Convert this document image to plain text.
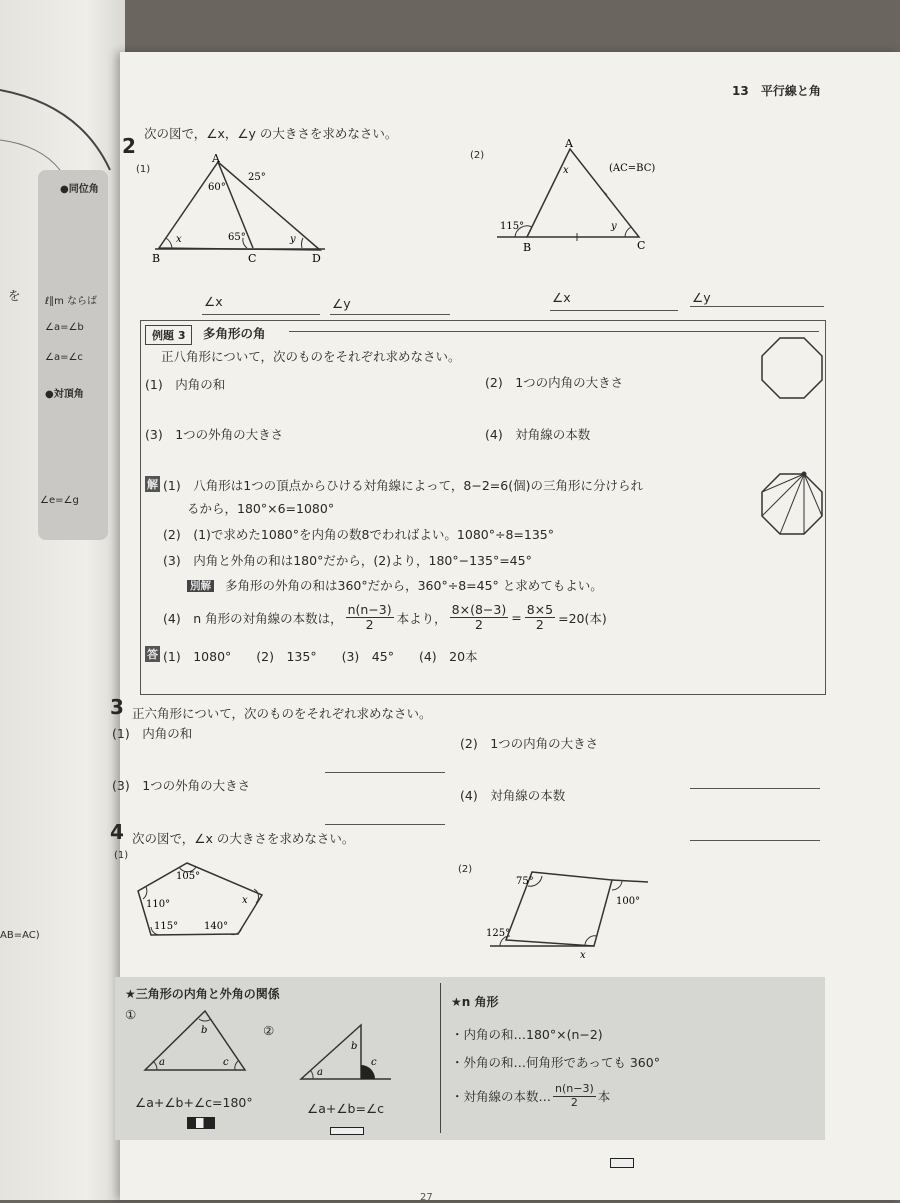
●同位角
を ℓ∥m ならば
∠a=∠b
∠a=∠c
●対頂角
∠e=∠g
AB=AC)
13 平行線と角
2
次の図で，∠x，∠y の大きさを求めなさい。
(1)
A
B	C	D
60°
25°
65°
x	y
(2)
A
B	C
(AC=BC)
115°
x
y
∠x	∠y	∠x	∠y
例題 3	多角形の角
正八角形について，次のものをそれぞれ求めなさい。
(1)　内角の和	(2)　1つの内角の大きさ
(3)　1つの外角の大きさ	(4)　対角線の本数
解 (1)　八角形は1つの頂点からひける対角線によって，8−2=6(個)の三角形に分けられ
るから，180°×6=1080°
(2)　(1)で求めた1080°を内角の数8でわればよい。1080°÷8=135°
(3)　内角と外角の和は180°だから，(2)より，180°−135°=45°
別解 多角形の外角の和は360°だから，360°÷8=45° と求めてもよい。
(4)　n 角形の対角線の本数は，
n(n−3)
2	本より， $\frac{8\times(8-3)}{2} = \frac{8\times 5}{2} =20$(本)
答 (1)　1080°　　(2)　135°　　(3)　45°　　(4)　20本
3 正六角形について，次のものをそれぞれ求めなさい。
(1)　内角の和
(2)　1つの内角の大きさ
(3)　1つの外角の大きさ
(4)　対角線の本数
4 次の図で，∠x の大きさを求めなさい。
(1)
105°
110°
115°	140°
x
(2)
75°
100°
125°
x
★三角形の内角と外角の関係
①
②
a
b
c
a
b
c
∠a+∠b+∠c=180°	∠a+∠b=∠c
★n 角形
・内角の和…180°×(n−2)
・外角の和…何角形であっても 360°
・対角線の本数…
n(n−3)
2	本
27
